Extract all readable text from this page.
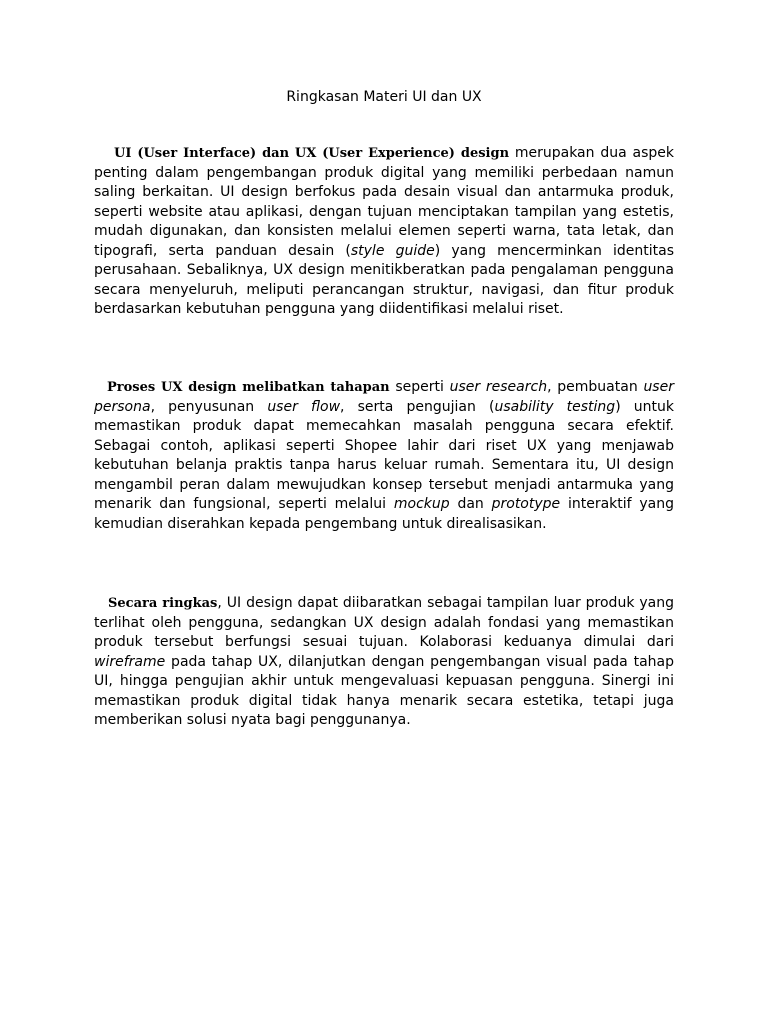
Ringkasan Materi UI dan UX

UI (User Interface) dan UX (User Experience) design merupakan dua aspek penting dalam pengembangan produk digital yang memiliki perbedaan namun saling berkaitan. UI design berfokus pada desain visual dan antarmuka produk, seperti website atau aplikasi, dengan tujuan menciptakan tampilan yang estetis, mudah digunakan, dan konsisten melalui elemen seperti warna, tata letak, dan tipografi, serta panduan desain (style guide) yang mencerminkan identitas perusahaan. Sebaliknya, UX design menitikberatkan pada pengalaman pengguna secara menyeluruh, meliputi perancangan struktur, navigasi, dan fitur produk berdasarkan kebutuhan pengguna yang diidentifikasi melalui riset.

Proses UX design melibatkan tahapan seperti user research, pembuatan user persona, penyusunan user flow, serta pengujian (usability testing) untuk memastikan produk dapat memecahkan masalah pengguna secara efektif. Sebagai contoh, aplikasi seperti Shopee lahir dari riset UX yang menjawab kebutuhan belanja praktis tanpa harus keluar rumah. Sementara itu, UI design mengambil peran dalam mewujudkan konsep tersebut menjadi antarmuka yang menarik dan fungsional, seperti melalui mockup dan prototype interaktif yang kemudian diserahkan kepada pengembang untuk direalisasikan.

Secara ringkas, UI design dapat diibaratkan sebagai tampilan luar produk yang terlihat oleh pengguna, sedangkan UX design adalah fondasi yang memastikan produk tersebut berfungsi sesuai tujuan. Kolaborasi keduanya dimulai dari wireframe pada tahap UX, dilanjutkan dengan pengembangan visual pada tahap UI, hingga pengujian akhir untuk mengevaluasi kepuasan pengguna. Sinergi ini memastikan produk digital tidak hanya menarik secara estetika, tetapi juga memberikan solusi nyata bagi penggunanya.
